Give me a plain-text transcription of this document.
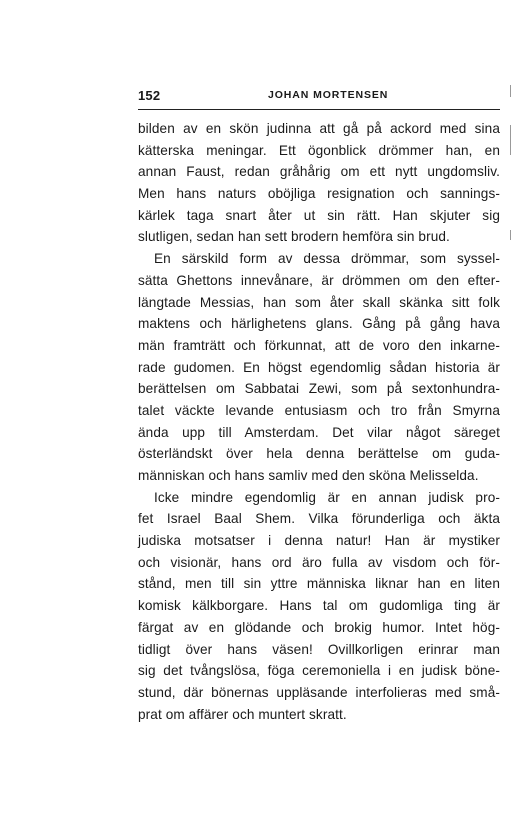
152	JOHAN MORTENSEN
bilden av en skön judinna att gå på ackord med sina
kätterska meningar. Ett ögonblick drömmer han, en
annan Faust, redan gråhårig om ett nytt ungdomsliv.
Men hans naturs oböjliga resignation och sannings-
kärlek taga snart åter ut sin rätt. Han skjuter sig
slutligen, sedan han sett brodern hemföra sin brud.
En särskild form av dessa drömmar, som syssel-
sätta Ghettons innevånare, är drömmen om den efter-
längtade Messias, han som åter skall skänka sitt folk
maktens och härlighetens glans. Gång på gång hava
män framträtt och förkunnat, att de voro den inkarne-
rade gudomen. En högst egendomlig sådan historia är
berättelsen om Sabbatai Zewi, som på sextonhundra-
talet väckte levande entusiasm och tro från Smyrna
ända upp till Amsterdam. Det vilar något säreget
österländskt över hela denna berättelse om guda-
människan och hans samliv med den sköna Melisselda.
Icke mindre egendomlig är en annan judisk pro-
fet Israel Baal Shem. Vilka förunderliga och äkta
judiska motsatser i denna natur! Han är mystiker
och visionär, hans ord äro fulla av visdom och för-
stånd, men till sin yttre människa liknar han en liten
komisk kälkborgare. Hans tal om gudomliga ting är
färgat av en glödande och brokig humor. Intet hög-
tidligt över hans väsen! Ovillkorligen erinrar man
sig det tvångslösa, föga ceremoniella i en judisk böne-
stund, där bönernas uppläsande interfolieras med små-
prat om affärer och muntert skratt.
